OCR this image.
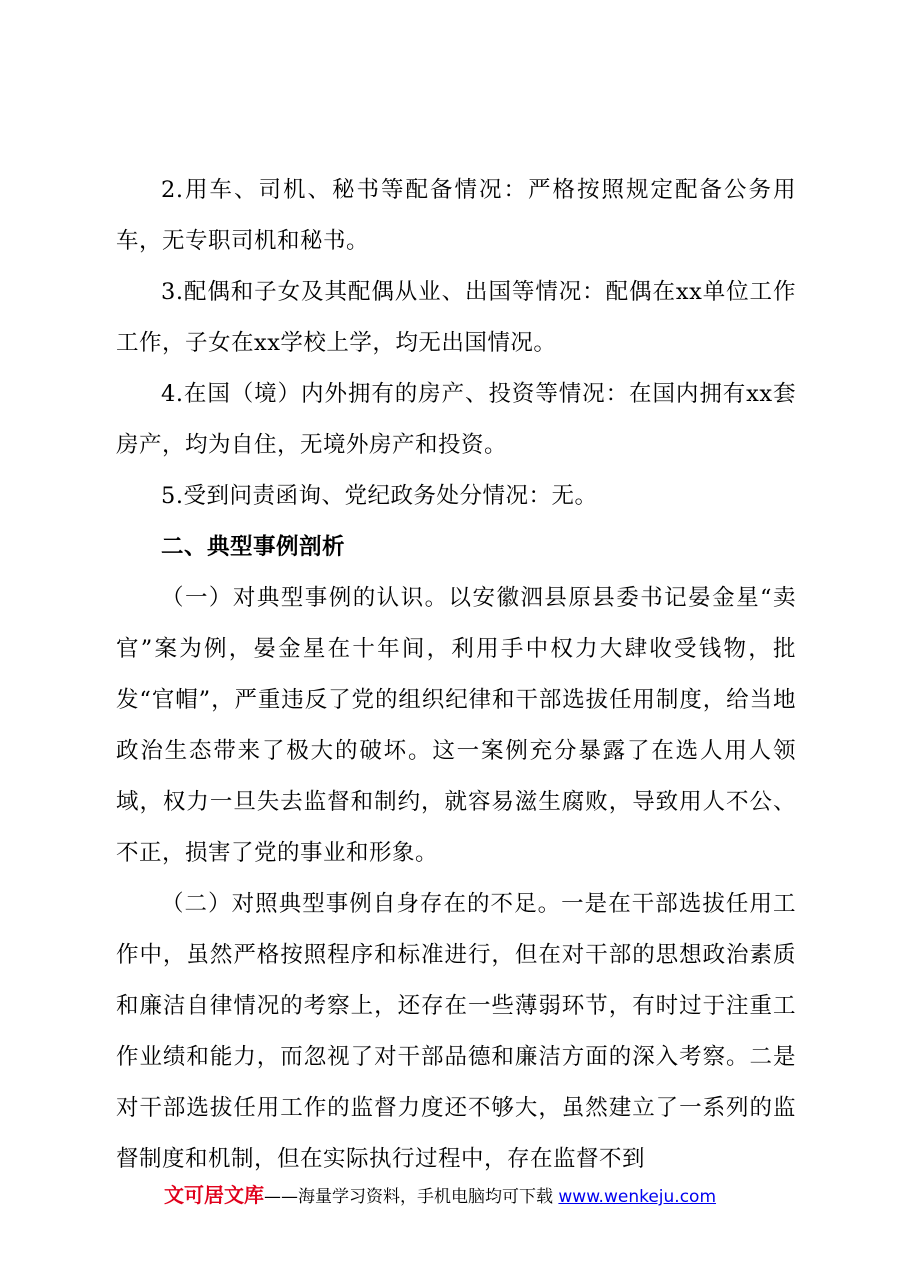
2.用车、司机、秘书等配备情况：严格按照规定配备公务用车，无专职司机和秘书。

3.配偶和子女及其配偶从业、出国等情况：配偶在xx单位工作工作，子女在xx学校上学，均无出国情况。

4.在国（境）内外拥有的房产、投资等情况：在国内拥有xx套房产，均为自住，无境外房产和投资。

5.受到问责函询、党纪政务处分情况：无。

二、典型事例剖析

（一）对典型事例的认识。以安徽泗县原县委书记晏金星“卖官”案为例，晏金星在十年间，利用手中权力大肆收受钱物，批发“官帽”，严重违反了党的组织纪律和干部选拔任用制度，给当地政治生态带来了极大的破坏。这一案例充分暴露了在选人用人领域，权力一旦失去监督和制约，就容易滋生腐败，导致用人不公、不正，损害了党的事业和形象。

（二）对照典型事例自身存在的不足。一是在干部选拔任用工作中，虽然严格按照程序和标准进行，但在对干部的思想政治素质和廉洁自律情况的考察上，还存在一些薄弱环节，有时过于注重工作业绩和能力，而忽视了对干部品德和廉洁方面的深入考察。二是对干部选拔任用工作的监督力度还不够大，虽然建立了一系列的监督制度和机制，但在实际执行过程中，存在监督不到

文可居文库——海量学习资料，手机电脑均可下载 www.wenkeju.com
